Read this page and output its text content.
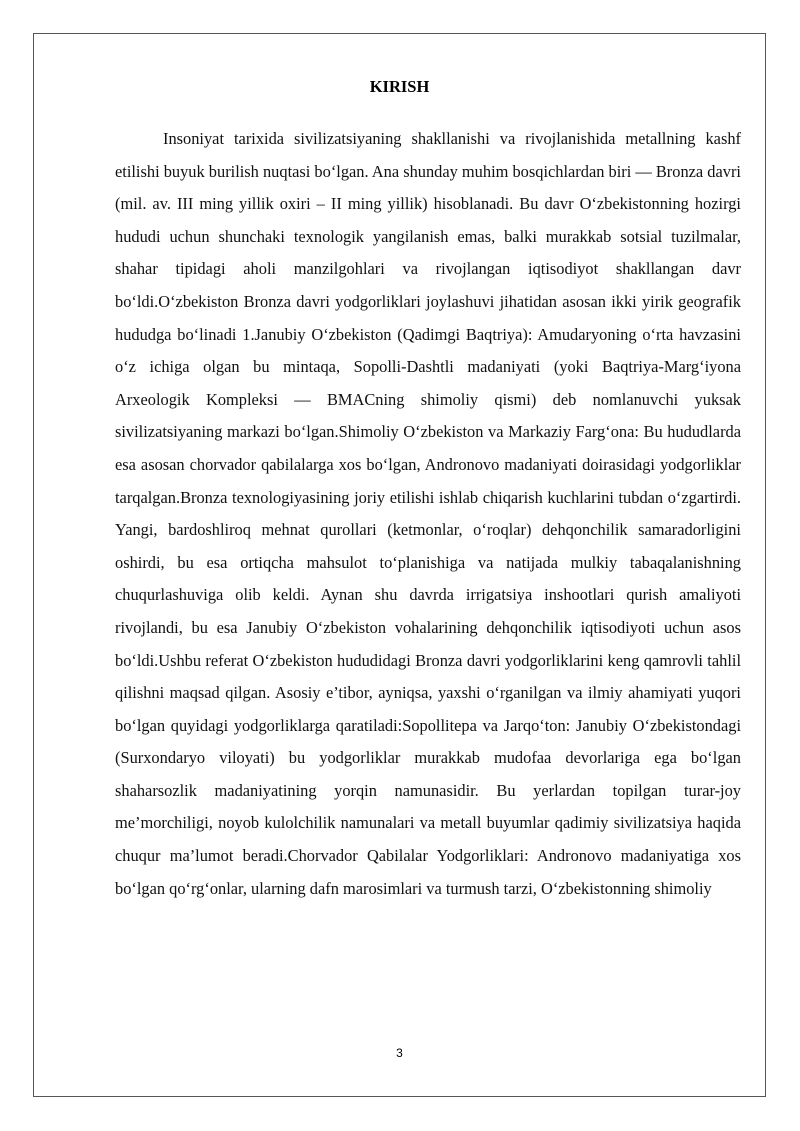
KIRISH

Insoniyat tarixida sivilizatsiyaning shakllanishi va rivojlanishida metallning kashf etilishi buyuk burilish nuqtasi bo‘lgan. Ana shunday muhim bosqichlardan biri — Bronza davri (mil. av. III ming yillik oxiri – II ming yillik) hisoblanadi. Bu davr O‘zbekistonning hozirgi hududi uchun shunchaki texnologik yangilanish emas, balki murakkab sotsial tuzilmalar, shahar tipidagi aholi manzilgohlari va rivojlangan iqtisodiyot shakllangan davr bo‘ldi.O‘zbekiston Bronza davri yodgorliklari joylashuvi jihatidan asosan ikki yirik geografik hududga bo‘linadi 1.Janubiy O‘zbekiston (Qadimgi Baqtriya): Amudaryoning o‘rta havzasini o‘z ichiga olgan bu mintaqa, Sopolli-Dashtli madaniyati (yoki Baqtriya-Marg‘iyona Arxeologik Kompleksi — BMACning shimoliy qismi) deb nomlanuvchi yuksak sivilizatsiyaning markazi bo‘lgan.Shimoliy O‘zbekiston va Markaziy Farg‘ona: Bu hududlarda esa asosan chorvador qabilalarga xos bo‘lgan, Andronovo madaniyati doirasidagi yodgorliklar tarqalgan.Bronza texnologiyasining joriy etilishi ishlab chiqarish kuchlarini tubdan o‘zgartirdi. Yangi, bardoshliroq mehnat qurollari (ketmonlar, o‘roqlar) dehqonchilik samaradorligini oshirdi, bu esa ortiqcha mahsulot to‘planishiga va natijada mulkiy tabaqalanishning chuqurlashuviga olib keldi. Aynan shu davrda irrigatsiya inshootlari qurish amaliyoti rivojlandi, bu esa Janubiy O‘zbekiston vohalarining dehqonchilik iqtisodiyoti uchun asos bo‘ldi.Ushbu referat O‘zbekiston hududidagi Bronza davri yodgorliklarini keng qamrovli tahlil qilishni maqsad qilgan. Asosiy e’tibor, ayniqsa, yaxshi o‘rganilgan va ilmiy ahamiyati yuqori bo‘lgan quyidagi yodgorliklarga qaratiladi:Sopollitepa va Jarqo‘ton: Janubiy O‘zbekistondagi (Surxondaryo viloyati) bu yodgorliklar murakkab mudofaa devorlariga ega bo‘lgan shaharsozlik madaniyatining yorqin namunasidir. Bu yerlardan topilgan turar-joy me’morchiligi, noyob kulolchilik namunalari va metall buyumlar qadimiy sivilizatsiya haqida chuqur ma’lumot beradi.Chorvador Qabilalar Yodgorliklari: Andronovo madaniyatiga xos bo‘lgan qo‘rg‘onlar, ularning dafn marosimlari va turmush tarzi, O‘zbekistonning shimoliy

3
